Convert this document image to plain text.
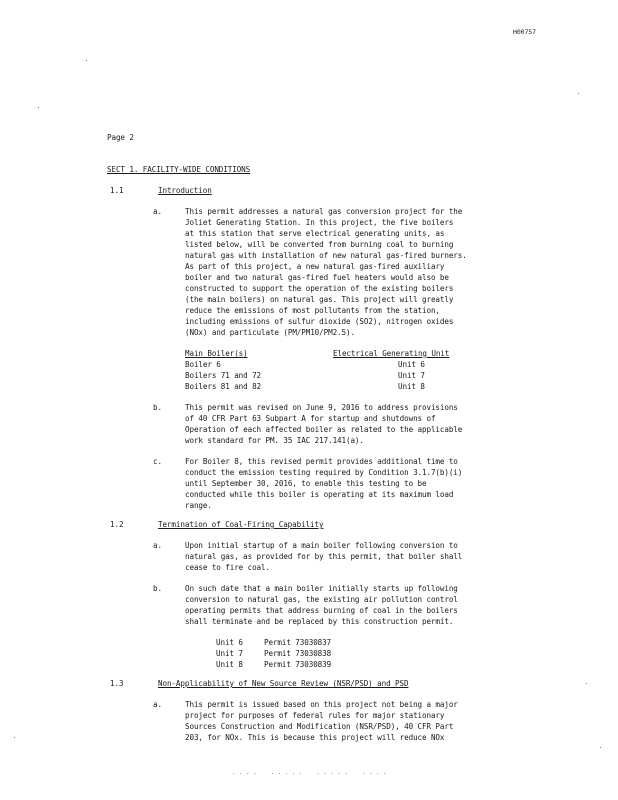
H00757
Page 2
SECT 1. FACILITY-WIDE CONDITIONS
1.1	Introduction
a.	This permit addresses a natural gas conversion project for the
Joliet Generating Station. In this project, the five boilers
at this station that serve electrical generating units, as
listed below, will be converted from burning coal to burning
natural gas with installation of new natural gas-fired burners.
As part of this project, a new natural gas-fired auxiliary
boiler and two natural gas-fired fuel heaters would also be
constructed to support the operation of the existing boilers
(the main boilers) on natural gas. This project will greatly
reduce the emissions of most pollutants from the station,
including emissions of sulfur dioxide (SO2), nitrogen oxides
(NOx) and particulate (PM/PM10/PM2.5).
Main Boiler(s)	Electrical Generating Unit
Boiler 6	Unit 6
Boilers 71 and 72	Unit 7
Boilers 81 and 82	Unit 8
b.	This permit was revised on June 9, 2016 to address provisions
of 40 CFR Part 63 Subpart A for startup and shutdowns of
Operation of each affected boiler as related to the applicable
work standard for PM. 35 IAC 217.141(a).
c.	For Boiler 8, this revised permit provides additional time to
conduct the emission testing required by Condition 3.1.7(b)(i)
until September 30, 2016, to enable this testing to be
conducted while this boiler is operating at its maximum load
range.
1.2	Termination of Coal-Firing Capability
a.	Upon initial startup of a main boiler following conversion to
natural gas, as provided for by this permit, that boiler shall
cease to fire coal.
b.	On such date that a main boiler initially starts up following
conversion to natural gas, the existing air pollution control
operating permits that address burning of coal in the boilers
shall terminate and be replaced by this construction permit.
Unit 6	Permit 73030837
Unit 7	Permit 73030838
Unit 8	Permit 73030839
1.3	Non-Applicability of New Source Review (NSR/PSD) and PSD
a.	This permit is issued based on this project not being a major
project for purposes of federal rules for major stationary
Sources Construction and Modification (NSR/PSD), 40 CFR Part
203, for NOx. This is because this project will reduce NOx
. . . .    . . . . .    . . . . .    . . . .
